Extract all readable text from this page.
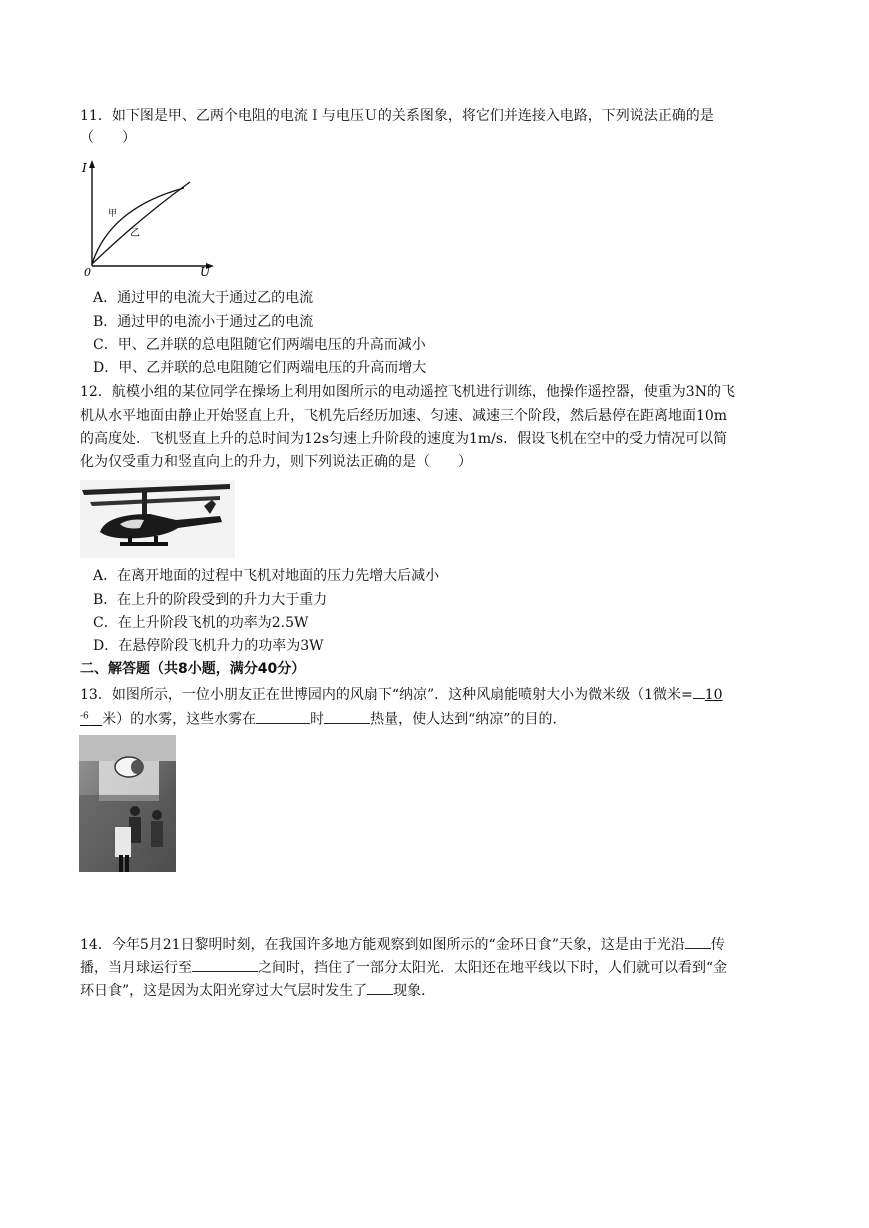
11．如下图是甲、乙两个电阻的电流Ｉ与电压Ｕ的关系图象，将它们并连接入电路，下列说法正确的是
（　　）
I
U
0
甲
乙
A．通过甲的电流大于通过乙的电流
B．通过甲的电流小于通过乙的电流
C．甲、乙并联的总电阻随它们两端电压的升高而减小
D．甲、乙并联的总电阻随它们两端电压的升高而增大
12．航模小组的某位同学在操场上利用如图所示的电动遥控飞机进行训练，他操作遥控器，使重为3N的飞
机从水平地面由静止开始竖直上升，飞机先后经历加速、匀速、减速三个阶段，然后悬停在距离地面10m
的高度处．飞机竖直上升的总时间为12s匀速上升阶段的速度为1m/s．假设飞机在空中的受力情况可以简
化为仅受重力和竖直向上的升力，则下列说法正确的是（　　）
A．在离开地面的过程中飞机对地面的压力先增大后减小
B．在上升的阶段受到的升力大于重力
C．在上升阶段飞机的功率为2.5W
D．在悬停阶段飞机升力的功率为3W
二、解答题（共8小题，满分40分）
13．如图所示，一位小朋友正在世博园内的风扇下“纳凉”．这种风扇能喷射大小为微米级（1微米= 10
$^{-6}$ 米）的水雾，这些水雾在	时	热量，使人达到“纳凉”的目的．
14．今年5月21日黎明时刻，在我国许多地方能观察到如图所示的“金环日食”天象，这是由于光沿 传
播，当月球运行至	之间时，挡住了一部分太阳光．太阳还在地平线以下时，人们就可以看到“金
环日食”，这是因为太阳光穿过大气层时发生了 现象．
